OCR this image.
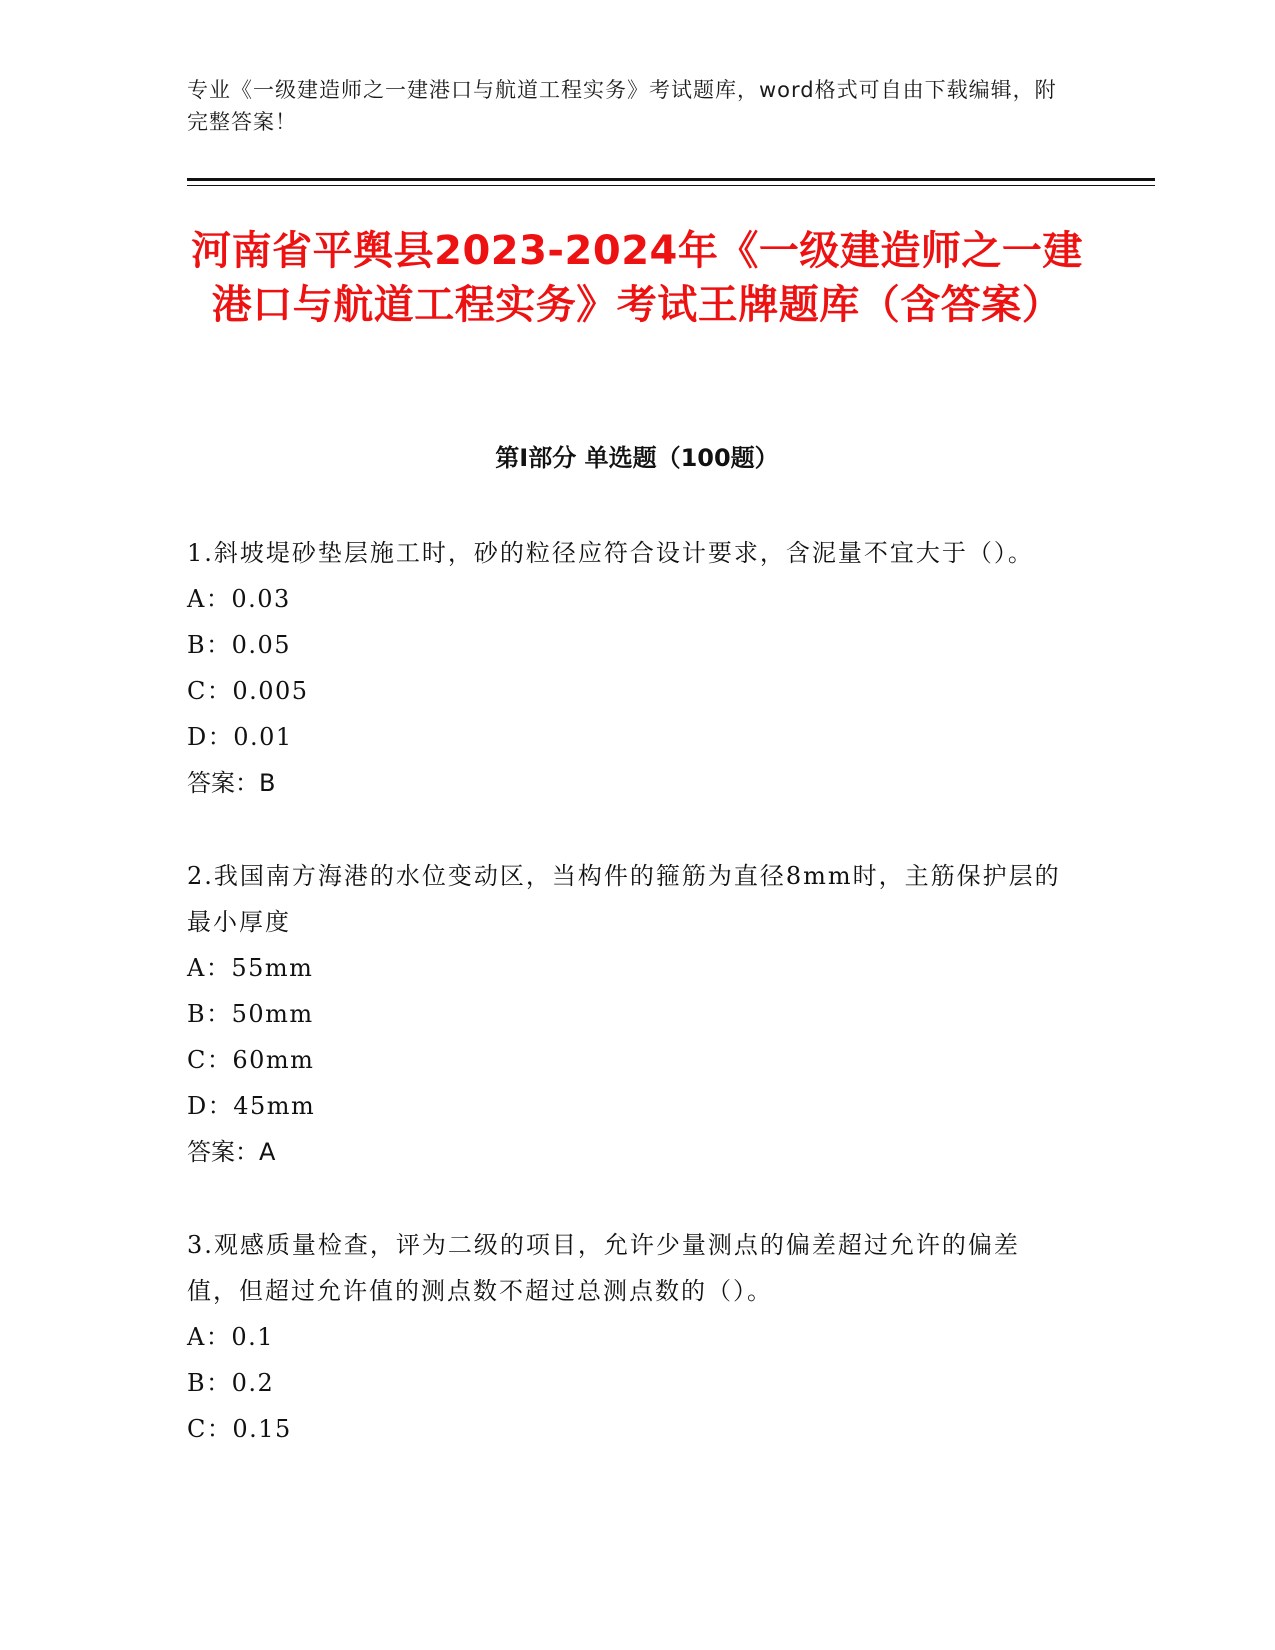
专业《一级建造师之一建港口与航道工程实务》考试题库，word格式可自由下载编辑，附完整答案！
河南省平舆县2023-2024年《一级建造师之一建港口与航道工程实务》考试王牌题库（含答案）
第I部分 单选题（100题）

1.斜坡堤砂垫层施工时，砂的粒径应符合设计要求，含泥量不宜大于（）。

A：0.03

B：0.05

C：0.005

D：0.01

答案：B

2.我国南方海港的水位变动区，当构件的箍筋为直径8mm时，主筋保护层的最小厚度

A：55mm

B：50mm

C：60mm

D：45mm

答案：A

3.观感质量检查，评为二级的项目，允许少量测点的偏差超过允许的偏差值，但超过允许值的测点数不超过总测点数的（）。

A：0.1

B：0.2

C：0.15
